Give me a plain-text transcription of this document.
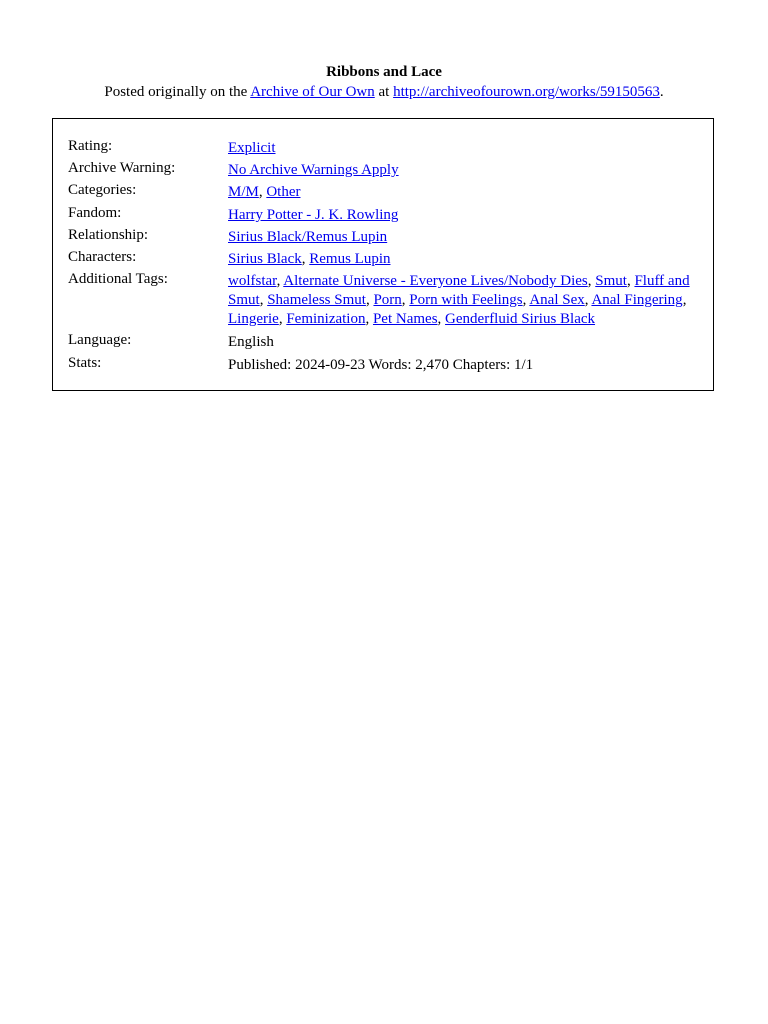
Ribbons and Lace
Posted originally on the Archive of Our Own at http://archiveofourown.org/works/59150563.
Rating:	Explicit
Archive Warning:	No Archive Warnings Apply
Categories:	M/M, Other
Fandom:	Harry Potter - J. K. Rowling
Relationship:	Sirius Black/Remus Lupin
Characters:	Sirius Black, Remus Lupin
Additional Tags:	wolfstar, Alternate Universe - Everyone Lives/Nobody Dies, Smut, Fluff and Smut, Shameless Smut, Porn, Porn with Feelings, Anal Sex, Anal Fingering, Lingerie, Feminization, Pet Names, Genderfluid Sirius Black
Language:	English
Stats:	Published: 2024-09-23 Words: 2,470 Chapters: 1/1
